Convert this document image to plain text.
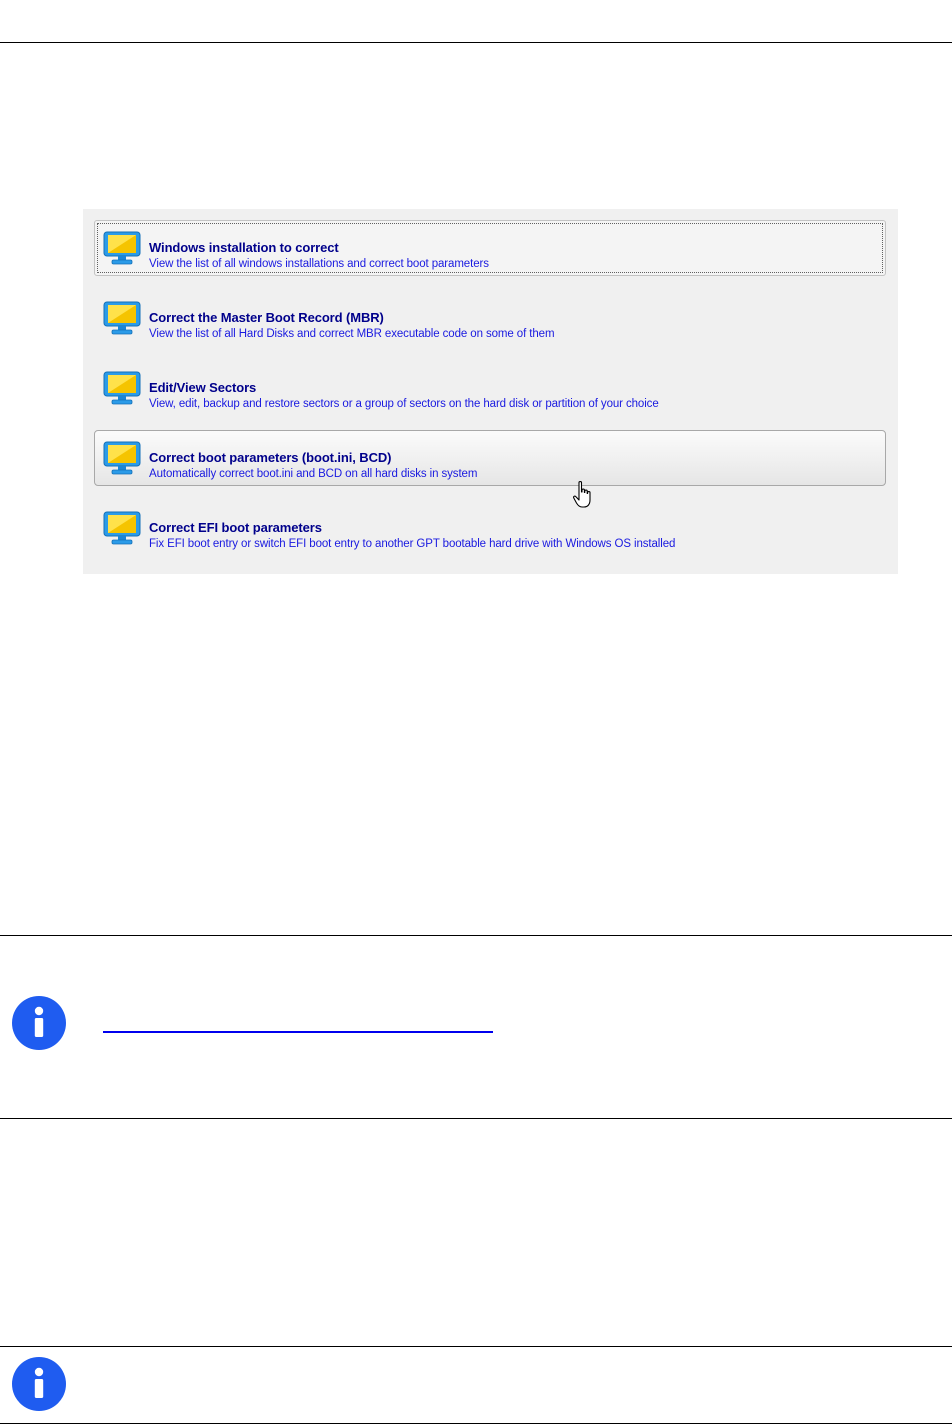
Windows installation to correct
View the list of all windows installations and correct boot parameters
Correct the Master Boot Record (MBR)
View the list of all Hard Disks and correct MBR executable code on some of them
Edit/View Sectors
View, edit, backup and restore sectors or a group of sectors on the hard disk or partition of your choice
Correct boot parameters (boot.ini, BCD)
Automatically correct boot.ini and BCD on all hard disks in system
Correct EFI boot parameters
Fix EFI boot entry or switch EFI boot entry to another GPT bootable hard drive with Windows OS installed
